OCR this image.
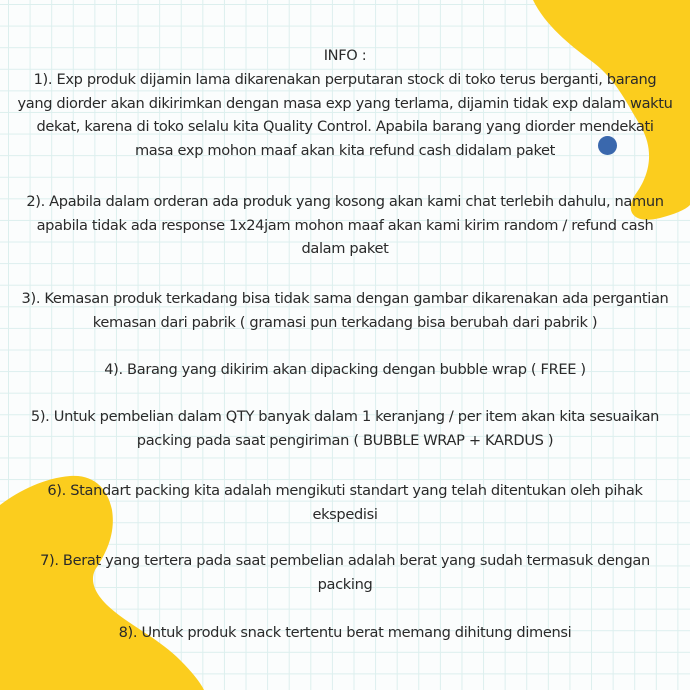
INFO :
1). Exp produk dijamin lama dikarenakan perputaran stock di toko terus berganti, barang
yang diorder akan dikirimkan dengan masa exp yang terlama, dijamin tidak exp dalam waktu
dekat, karena di toko selalu kita Quality Control. Apabila barang yang diorder mendekati
masa exp mohon maaf akan kita refund cash didalam paket
2). Apabila dalam orderan ada produk yang kosong akan kami chat terlebih dahulu, namun
apabila tidak ada response 1x24jam mohon maaf akan kami kirim random / refund cash
dalam paket
3). Kemasan produk terkadang bisa tidak sama dengan gambar dikarenakan ada pergantian
kemasan dari pabrik ( gramasi pun terkadang bisa berubah dari pabrik )
4). Barang yang dikirim akan dipacking dengan bubble wrap ( FREE )
5). Untuk pembelian dalam QTY banyak dalam 1 keranjang / per item akan kita sesuaikan
packing pada saat pengiriman ( BUBBLE WRAP + KARDUS )
6). Standart packing kita adalah mengikuti standart yang telah ditentukan oleh pihak
ekspedisi
7). Berat yang tertera pada saat pembelian adalah berat yang sudah termasuk dengan
packing
8). Untuk produk snack tertentu berat memang dihitung dimensi
